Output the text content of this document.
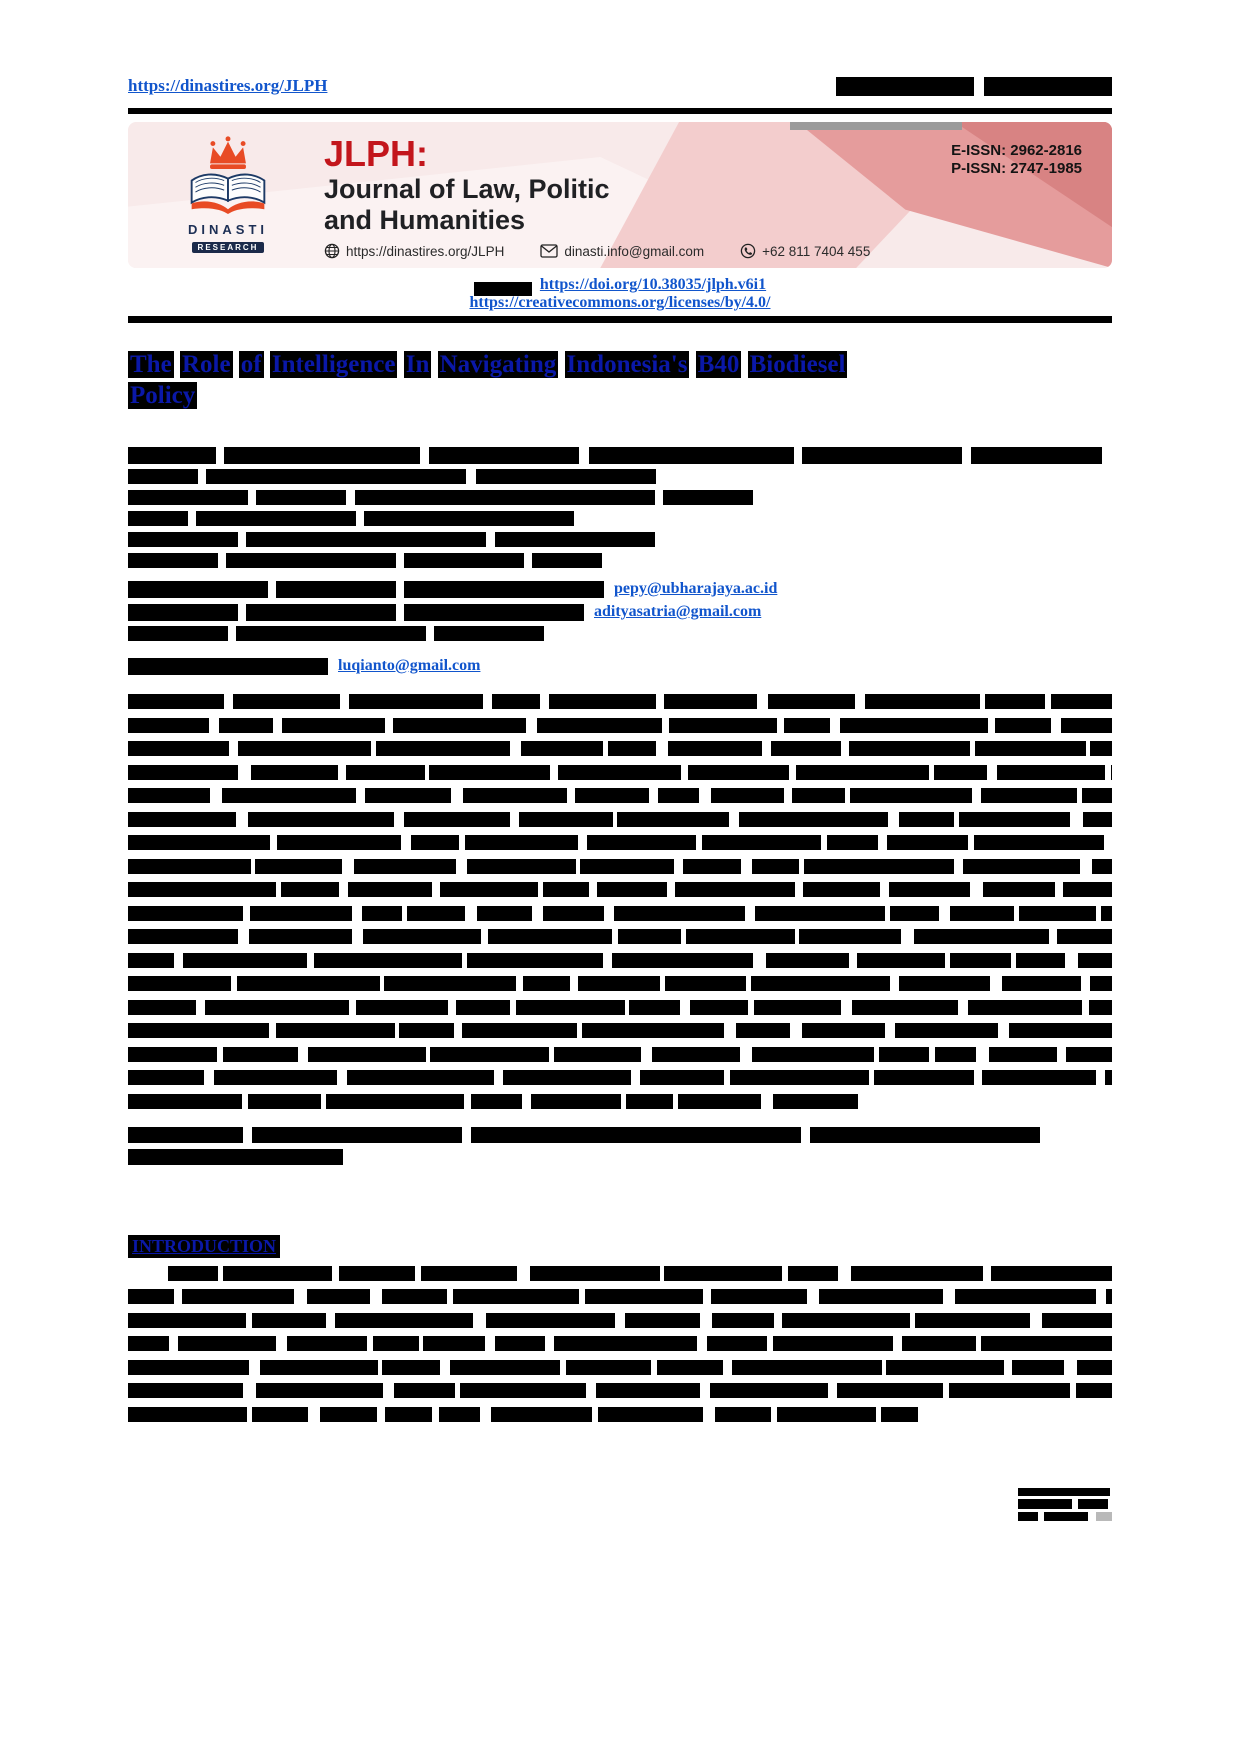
https://dinastires.org/JLPH

DINASTI
RESEARCH
JLPH:
Journal of Law, Politic
and Humanities
https://dinastires.org/JLPH	dinasti.info@gmail.com	+62 811 7404 455
E-ISSN: 2962-2816
P-ISSN: 2747-1985
https://doi.org/10.38035/jlph.v6i1
https://creativecommons.org/licenses/by/4.0/
The Role of Intelligence In Navigating Indonesia's B40 Biodiesel
Policy
pepy@ubharajaya.ac.id
adityasatria@gmail.com
luqianto@gmail.com
INTRODUCTION
